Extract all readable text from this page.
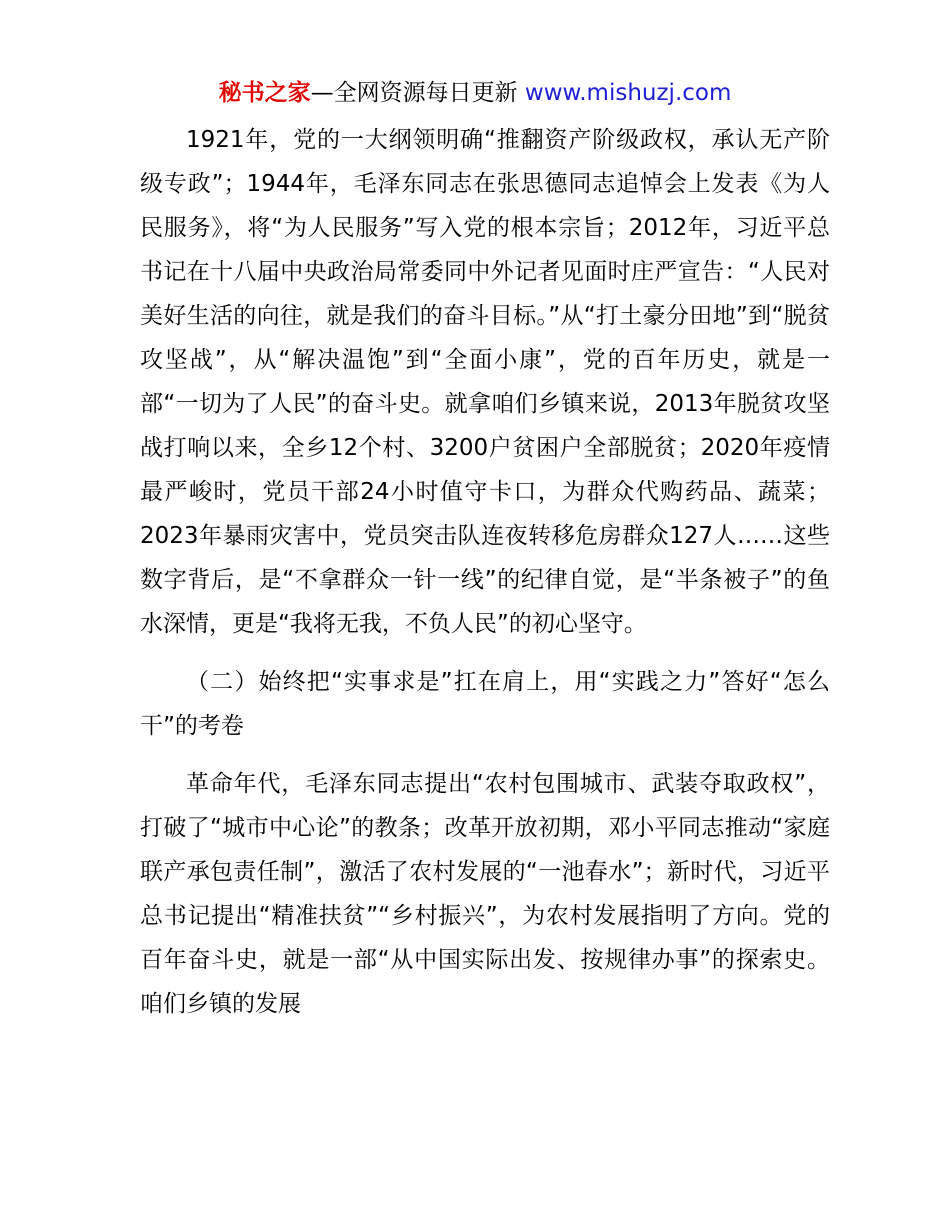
秘书之家—全网资源每日更新 www.mishuzj.com

1921年，党的一大纲领明确“推翻资产阶级政权，承认无产阶级专政”；1944年，毛泽东同志在张思德同志追悼会上发表《为人民服务》，将“为人民服务”写入党的根本宗旨；2012年，习近平总书记在十八届中央政治局常委同中外记者见面时庄严宣告：“人民对美好生活的向往，就是我们的奋斗目标。”从“打土豪分田地”到“脱贫攻坚战”，从“解决温饱”到“全面小康”，党的百年历史，就是一部“一切为了人民”的奋斗史。就拿咱们乡镇来说，2013年脱贫攻坚战打响以来，全乡12个村、3200户贫困户全部脱贫；2020年疫情最严峻时，党员干部24小时值守卡口，为群众代购药品、蔬菜；2023年暴雨灾害中，党员突击队连夜转移危房群众127人……这些数字背后，是“不拿群众一针一线”的纪律自觉，是“半条被子”的鱼水深情，更是“我将无我，不负人民”的初心坚守。

（二）始终把“实事求是”扛在肩上，用“实践之力”答好“怎么干”的考卷

革命年代，毛泽东同志提出“农村包围城市、武装夺取政权”，打破了“城市中心论”的教条；改革开放初期，邓小平同志推动“家庭联产承包责任制”，激活了农村发展的“一池春水”；新时代，习近平总书记提出“精准扶贫”“乡村振兴”，为农村发展指明了方向。党的百年奋斗史，就是一部“从中国实际出发、按规律办事”的探索史。咱们乡镇的发展
